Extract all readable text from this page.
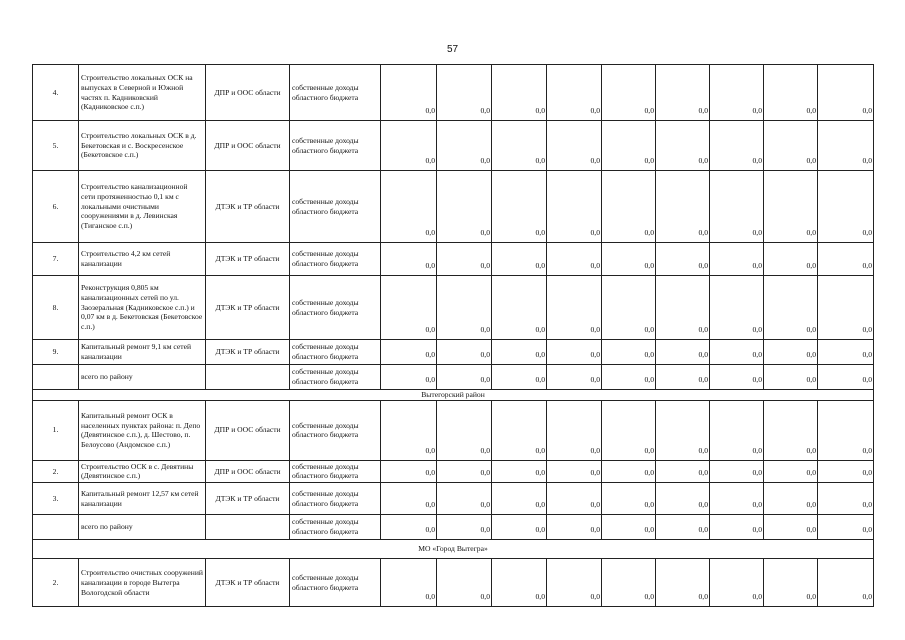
57
4.	Строительство локальных ОСК на выпусках в Северной и Южной частях п. Кадниковский (Кадниковское с.п.)	ДПР и ООС области	собственные доходы областного бюджета	0,0	0,0	0,0	0,0	0,0	0,0	0,0	0,0	0,0
5.	Строительство локальных ОСК в д. Бекетовская и с. Воскресенское (Бекетовское с.п.)	ДПР и ООС области	собственные доходы областного бюджета	0,0	0,0	0,0	0,0	0,0	0,0	0,0	0,0	0,0
6.	Строительство канализационной сети протяженностью 0,1 км с локальными очистными сооружениями в д. Левинская (Тиганское с.п.)	ДТЭК и ТР области	собственные доходы областного бюджета	0,0	0,0	0,0	0,0	0,0	0,0	0,0	0,0	0,0
7.	Строительство 4,2 км сетей канализации	ДТЭК и ТР области	собственные доходы областного бюджета	0,0	0,0	0,0	0,0	0,0	0,0	0,0	0,0	0,0
8.	Реконструкция 0,805 км канализационных сетей по ул. Заозеральная (Кадниковское с.п.) и 0,07 км в д. Бекетовская (Бекетовское с.п.)	ДТЭК и ТР области	собственные доходы областного бюджета	0,0	0,0	0,0	0,0	0,0	0,0	0,0	0,0	0,0
9.	Капитальный ремонт 9,1 км сетей канализации	ДТЭК и ТР области	собственные доходы областного бюджета	0,0	0,0	0,0	0,0	0,0	0,0	0,0	0,0	0,0
	всего по району		собственные доходы областного бюджета	0,0	0,0	0,0	0,0	0,0	0,0	0,0	0,0	0,0
Вытегорский район												
1.	Капитальный ремонт ОСК в населенных пунктах района: п. Депо (Девятинское с.п.), д. Шестово, п. Белоусово (Андомское с.п.)	ДПР и ООС области	собственные доходы областного бюджета	0,0	0,0	0,0	0,0	0,0	0,0	0,0	0,0	0,0
2.	Строительство ОСК в с. Девятины (Девятинское с.п.)	ДПР и ООС области	собственные доходы областного бюджета	0,0	0,0	0,0	0,0	0,0	0,0	0,0	0,0	0,0
3.	Капитальный ремонт 12,57 км сетей канализации	ДТЭК и ТР области	собственные доходы областного бюджета	0,0	0,0	0,0	0,0	0,0	0,0	0,0	0,0	0,0
	всего по району		собственные доходы областного бюджета	0,0	0,0	0,0	0,0	0,0	0,0	0,0	0,0	0,0
МО «Город Вытегра»												
2.	Строительство очистных сооружений канализации в городе Вытегра Вологодской области	ДТЭК и ТР области	собственные доходы областного бюджета	0,0	0,0	0,0	0,0	0,0	0,0	0,0	0,0	0,0
